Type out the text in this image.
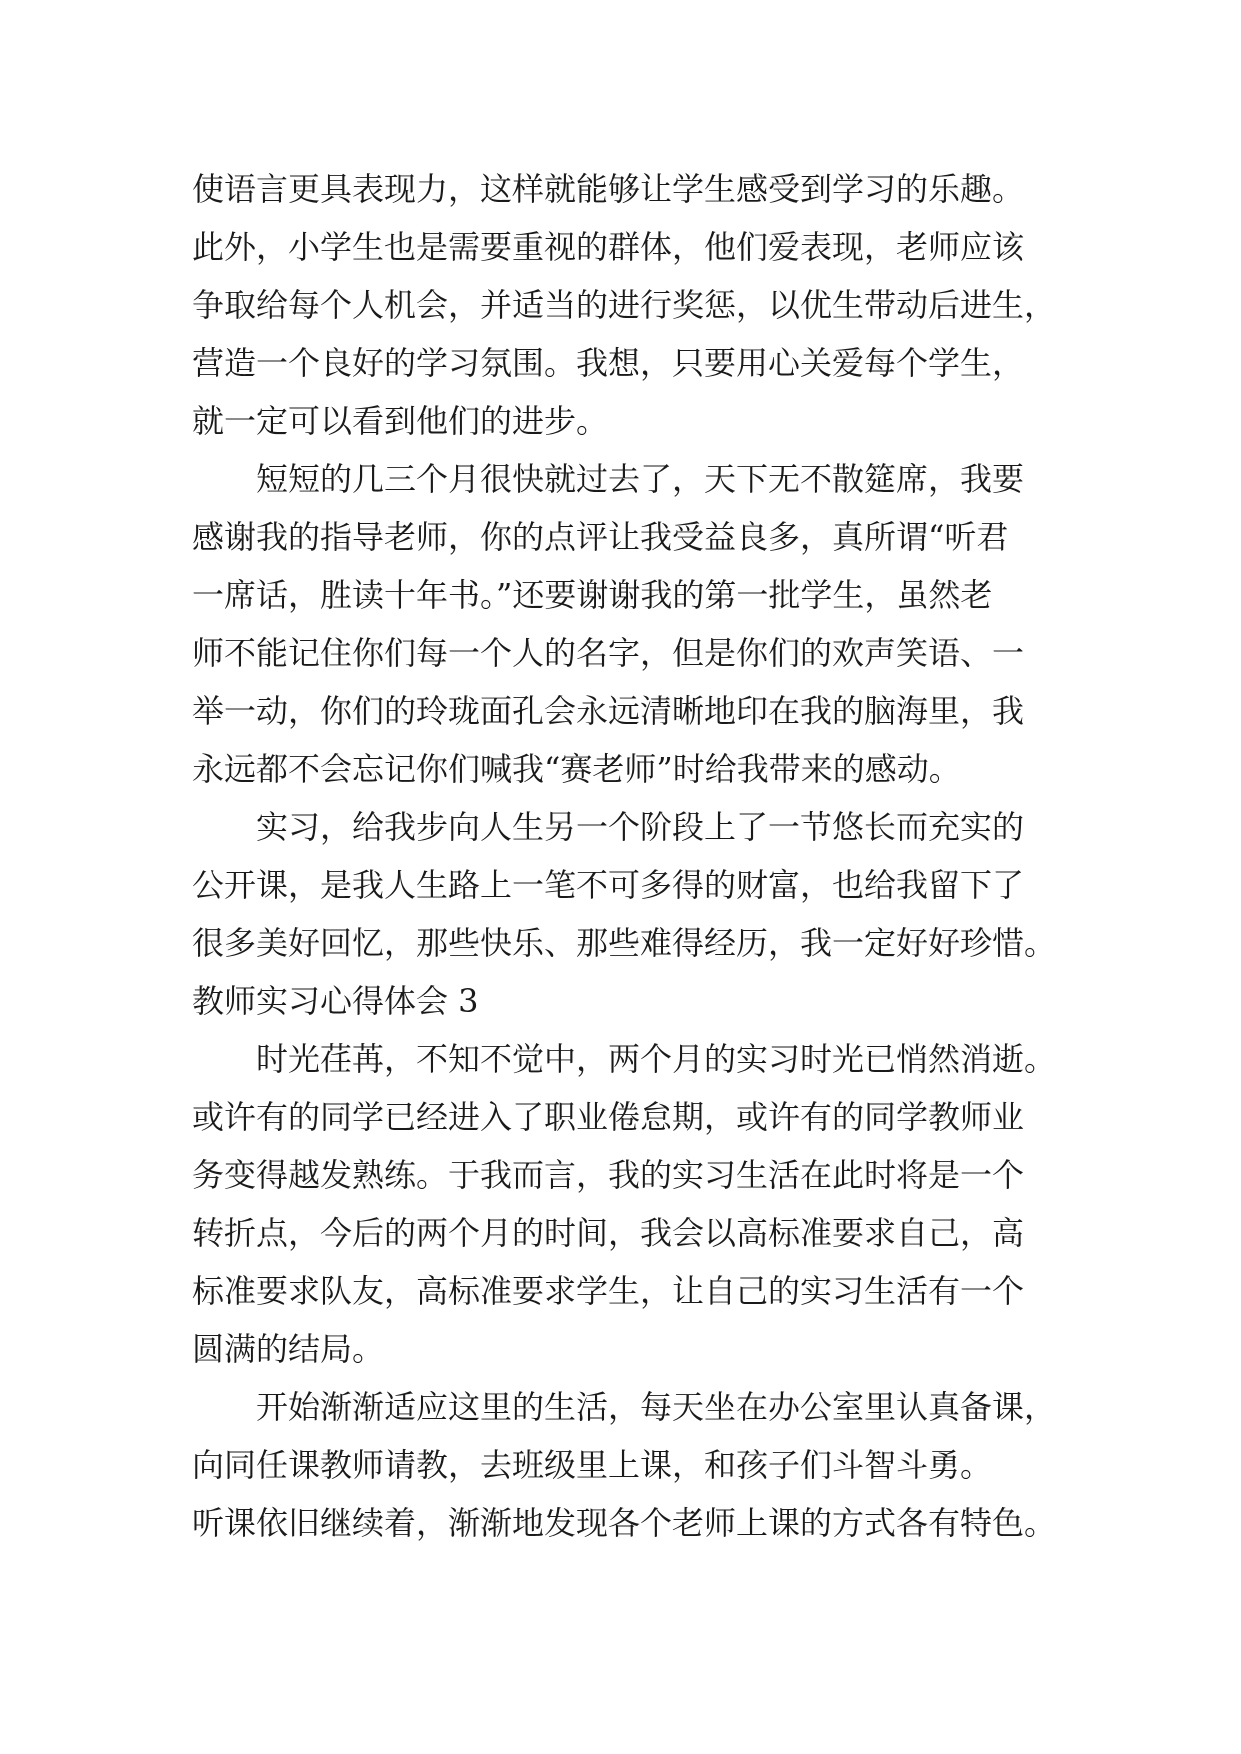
使语言更具表现力，这样就能够让学生感受到学习的乐趣。
此外，小学生也是需要重视的群体，他们爱表现，老师应该
争取给每个人机会，并适当的进行奖惩，以优生带动后进生，
营造一个良好的学习氛围。我想，只要用心关爱每个学生，
就一定可以看到他们的进步。
短短的几三个月很快就过去了，天下无不散筵席，我要
感谢我的指导老师，你的点评让我受益良多，真所谓“听君
一席话，胜读十年书。”还要谢谢我的第一批学生，虽然老
师不能记住你们每一个人的名字，但是你们的欢声笑语、一
举一动，你们的玲珑面孔会永远清晰地印在我的脑海里，我
永远都不会忘记你们喊我“赛老师”时给我带来的感动。
实习，给我步向人生另一个阶段上了一节悠长而充实的
公开课，是我人生路上一笔不可多得的财富，也给我留下了
很多美好回忆，那些快乐、那些难得经历，我一定好好珍惜。
教师实习心得体会 3
时光荏苒，不知不觉中，两个月的实习时光已悄然消逝。
或许有的同学已经进入了职业倦怠期，或许有的同学教师业
务变得越发熟练。于我而言，我的实习生活在此时将是一个
转折点，今后的两个月的时间，我会以高标准要求自己，高
标准要求队友，高标准要求学生，让自己的实习生活有一个
圆满的结局。
开始渐渐适应这里的生活，每天坐在办公室里认真备课，
向同任课教师请教，去班级里上课，和孩子们斗智斗勇。
听课依旧继续着，渐渐地发现各个老师上课的方式各有特色。
